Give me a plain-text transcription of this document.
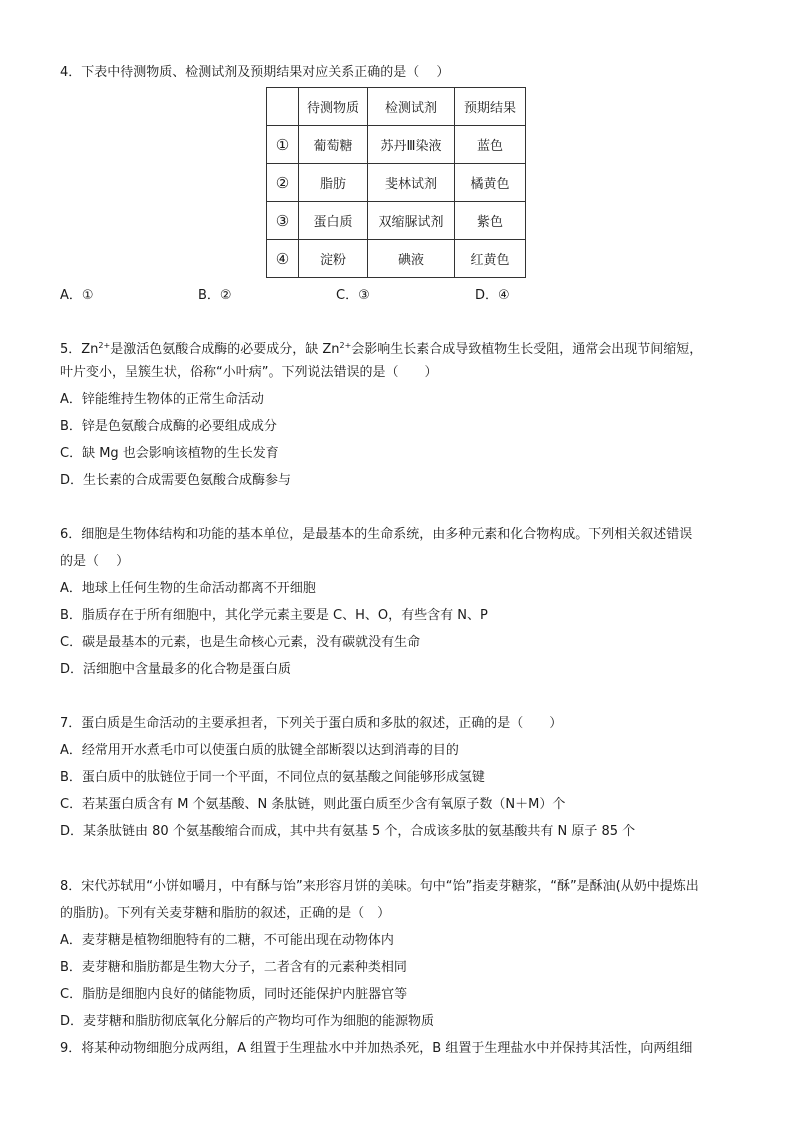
4．下表中待测物质、检测试剂及预期结果对应关系正确的是（　 ）
	待测物质	检测试剂	预期结果
①	葡萄糖	苏丹Ⅲ染液	蓝色
②	脂肪	斐林试剂	橘黄色
③	蛋白质	双缩脲试剂	紫色
④	淀粉	碘液	红黄色
A．①	B．②	C．③	D．④
5．$Zn^{2+}$是激活色氨酸合成酶的必要成分，缺 $Zn^{2+}$会影响生长素合成导致植物生长受阻，通常会出现节间缩短，
叶片变小，呈簇生状，俗称“小叶病”。下列说法错误的是（　　）
A．锌能维持生物体的正常生命活动
B．锌是色氨酸合成酶的必要组成成分
C．缺 Mg 也会影响该植物的生长发育
D．生长素的合成需要色氨酸合成酶参与
6．细胞是生物体结构和功能的基本单位，是最基本的生命系统，由多种元素和化合物构成。下列相关叙述错误
的是（　 ）
A．地球上任何生物的生命活动都离不开细胞
B．脂质存在于所有细胞中，其化学元素主要是 C、H、O，有些含有 N、P
C．碳是最基本的元素，也是生命核心元素，没有碳就没有生命
D．活细胞中含量最多的化合物是蛋白质
7．蛋白质是生命活动的主要承担者，下列关于蛋白质和多肽的叙述，正确的是（　　）
A．经常用开水煮毛巾可以使蛋白质的肽键全部断裂以达到消毒的目的
B．蛋白质中的肽链位于同一个平面，不同位点的氨基酸之间能够形成氢键
C．若某蛋白质含有 M 个氨基酸、N 条肽链，则此蛋白质至少含有氧原子数（N＋M）个
D．某条肽链由 80 个氨基酸缩合而成，其中共有氨基 5 个，合成该多肽的氨基酸共有 N 原子 85 个
8．宋代苏轼用“小饼如嚼月，中有酥与饴”来形容月饼的美味。句中“饴”指麦芽糖浆，“酥”是酥油(从奶中提炼出
的脂肪)。下列有关麦芽糖和脂肪的叙述，正确的是（　）
A．麦芽糖是植物细胞特有的二糖，不可能出现在动物体内
B．麦芽糖和脂肪都是生物大分子，二者含有的元素种类相同
C．脂肪是细胞内良好的储能物质，同时还能保护内脏器官等
D．麦芽糖和脂肪彻底氧化分解后的产物均可作为细胞的能源物质
9．将某种动物细胞分成两组，A 组置于生理盐水中并加热杀死，B 组置于生理盐水中并保持其活性，向两组细
